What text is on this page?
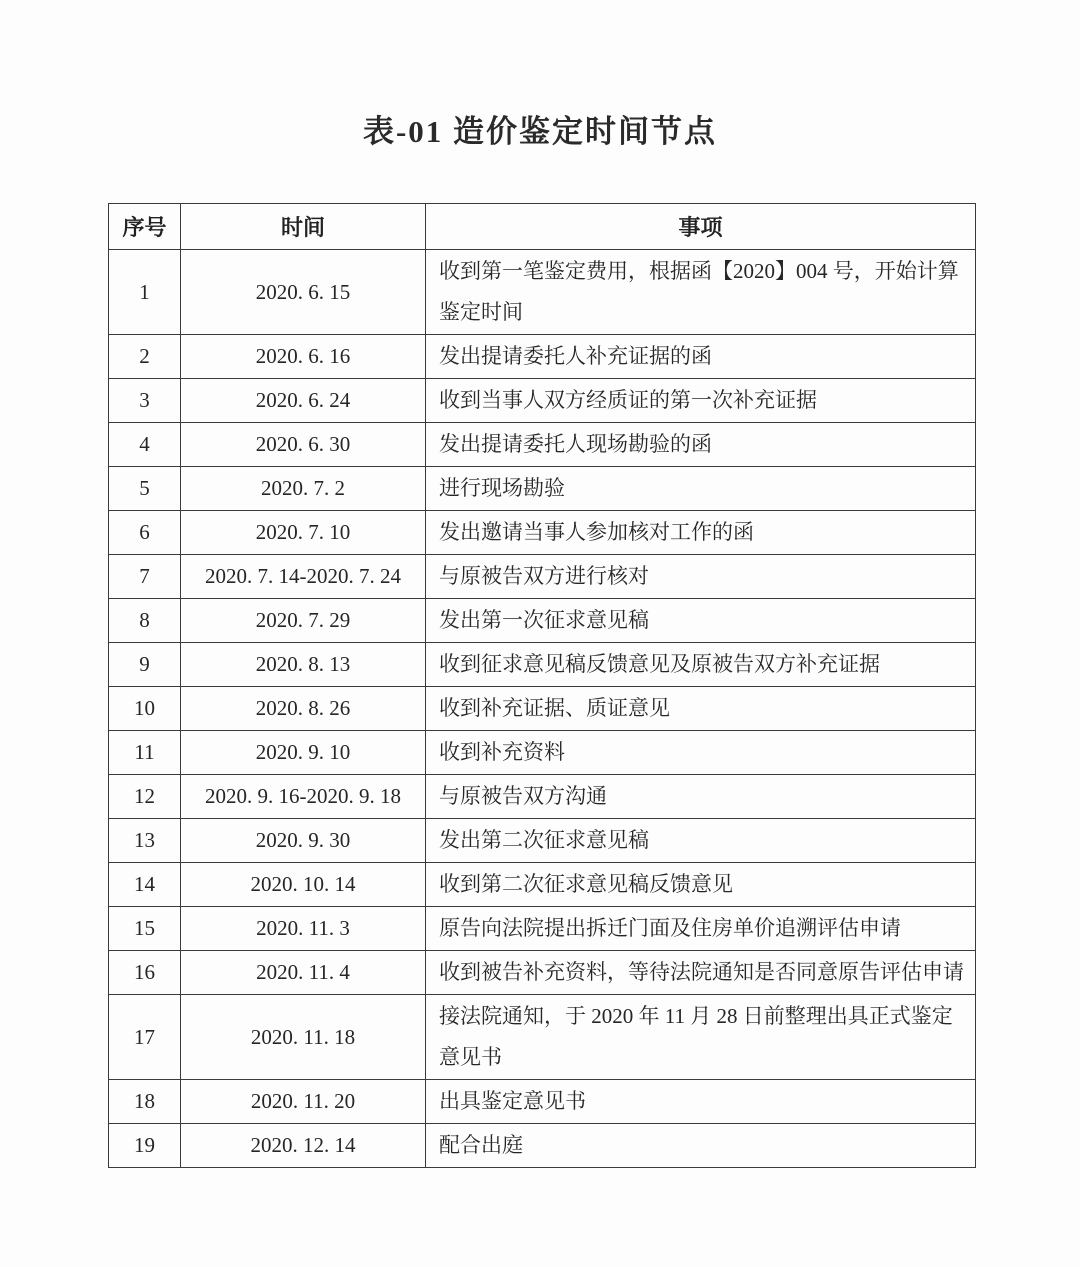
表-01 造价鉴定时间节点
序号	时间	事项
1	2020. 6. 15	收到第一笔鉴定费用，根据函【2020】004 号，开始计算鉴定时间
2	2020. 6. 16	发出提请委托人补充证据的函
3	2020. 6. 24	收到当事人双方经质证的第一次补充证据
4	2020. 6. 30	发出提请委托人现场勘验的函
5	2020. 7. 2	进行现场勘验
6	2020. 7. 10	发出邀请当事人参加核对工作的函
7	2020. 7. 14-2020. 7. 24	与原被告双方进行核对
8	2020. 7. 29	发出第一次征求意见稿
9	2020. 8. 13	收到征求意见稿反馈意见及原被告双方补充证据
10	2020. 8. 26	收到补充证据、质证意见
11	2020. 9. 10	收到补充资料
12	2020. 9. 16-2020. 9. 18	与原被告双方沟通
13	2020. 9. 30	发出第二次征求意见稿
14	2020. 10. 14	收到第二次征求意见稿反馈意见
15	2020. 11. 3	原告向法院提出拆迁门面及住房单价追溯评估申请
16	2020. 11. 4	收到被告补充资料，等待法院通知是否同意原告评估申请
17	2020. 11. 18	接法院通知，于 2020 年 11 月 28 日前整理出具正式鉴定意见书
18	2020. 11. 20	出具鉴定意见书
19	2020. 12. 14	配合出庭
